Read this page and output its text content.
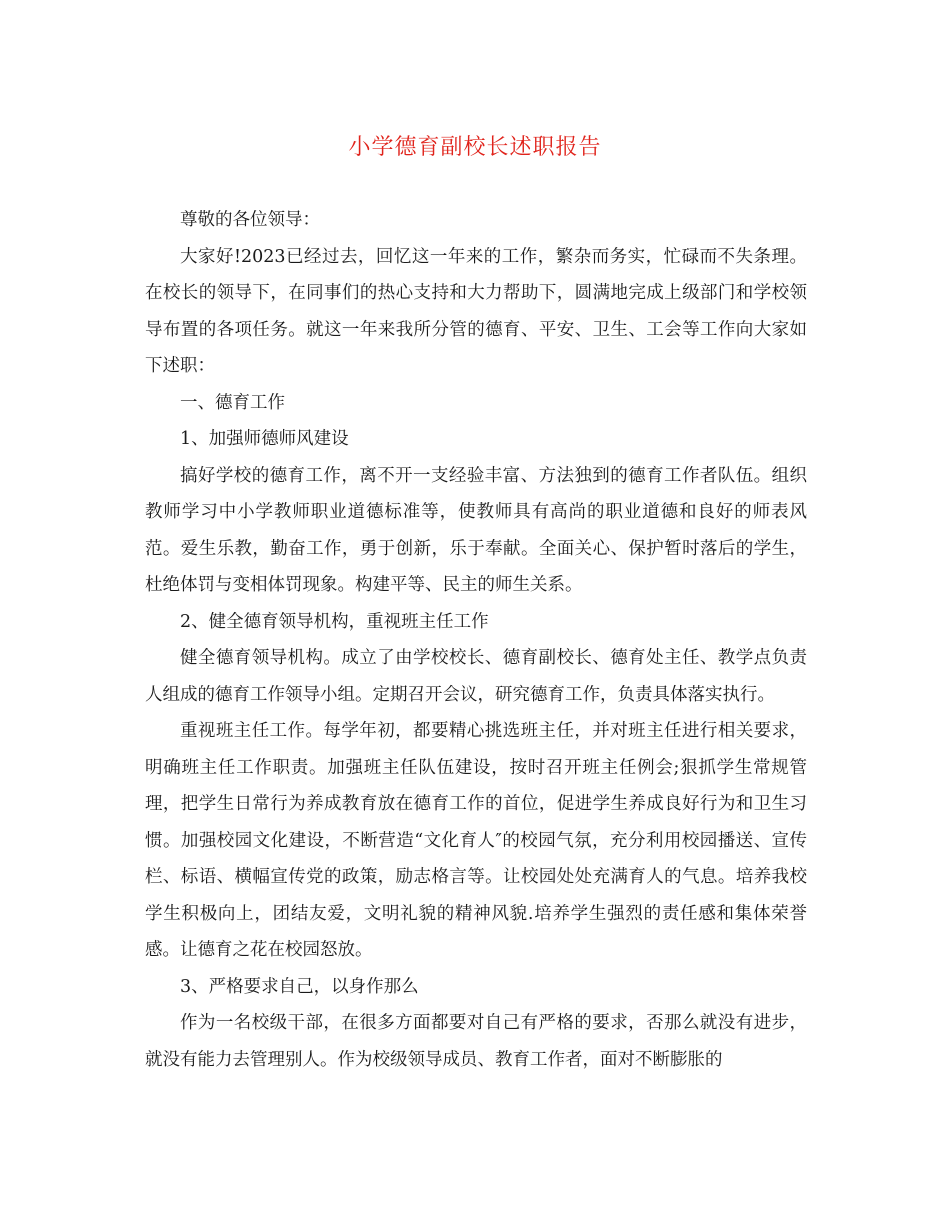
小学德育副校长述职报告

尊敬的各位领导：

大家好!2023已经过去，回忆这一年来的工作，繁杂而务实，忙碌而不失条理。 在校长的领导下，在同事们的热心支持和大力帮助下，圆满地完成上级部门和学校领导布置的各项任务。就这一年来我所分管的德育、平安、卫生、工会等工作向大家如下述职：

一、德育工作

1、加强师德师风建设

搞好学校的德育工作，离不开一支经验丰富、方法独到的德育工作者队伍。组织教师学习中小学教师职业道德标准等，使教师具有高尚的职业道德和良好的师表风范。爱生乐教，勤奋工作，勇于创新，乐于奉献。全面关心、保护暂时落后的学生，杜绝体罚与变相体罚现象。构建平等、民主的师生关系。

2、健全德育领导机构，重视班主任工作

健全德育领导机构。成立了由学校校长、德育副校长、德育处主任、教学点负责人组成的德育工作领导小组。定期召开会议，研究德育工作，负责具体落实执行。

重视班主任工作。每学年初，都要精心挑选班主任，并对班主任进行相关要求，明确班主任工作职责。加强班主任队伍建设，按时召开班主任例会;狠抓学生常规管理，把学生日常行为养成教育放在德育工作的首位，促进学生养成良好行为和卫生习惯。加强校园文化建设，不断营造“文化育人″的校园气氛，充分利用校园播送、宣传栏、标语、横幅宣传党的政策，励志格言等。让校园处处充满育人的气息。培养我校学生积极向上，团结友爱，文明礼貌的精神风貌.培养学生强烈的责任感和集体荣誉感。让德育之花在校园怒放。

3、严格要求自己，以身作那么

作为一名校级干部，在很多方面都要对自己有严格的要求，否那么就没有进步，就没有能力去管理别人。作为校级领导成员、教育工作者，面对不断膨胀的
